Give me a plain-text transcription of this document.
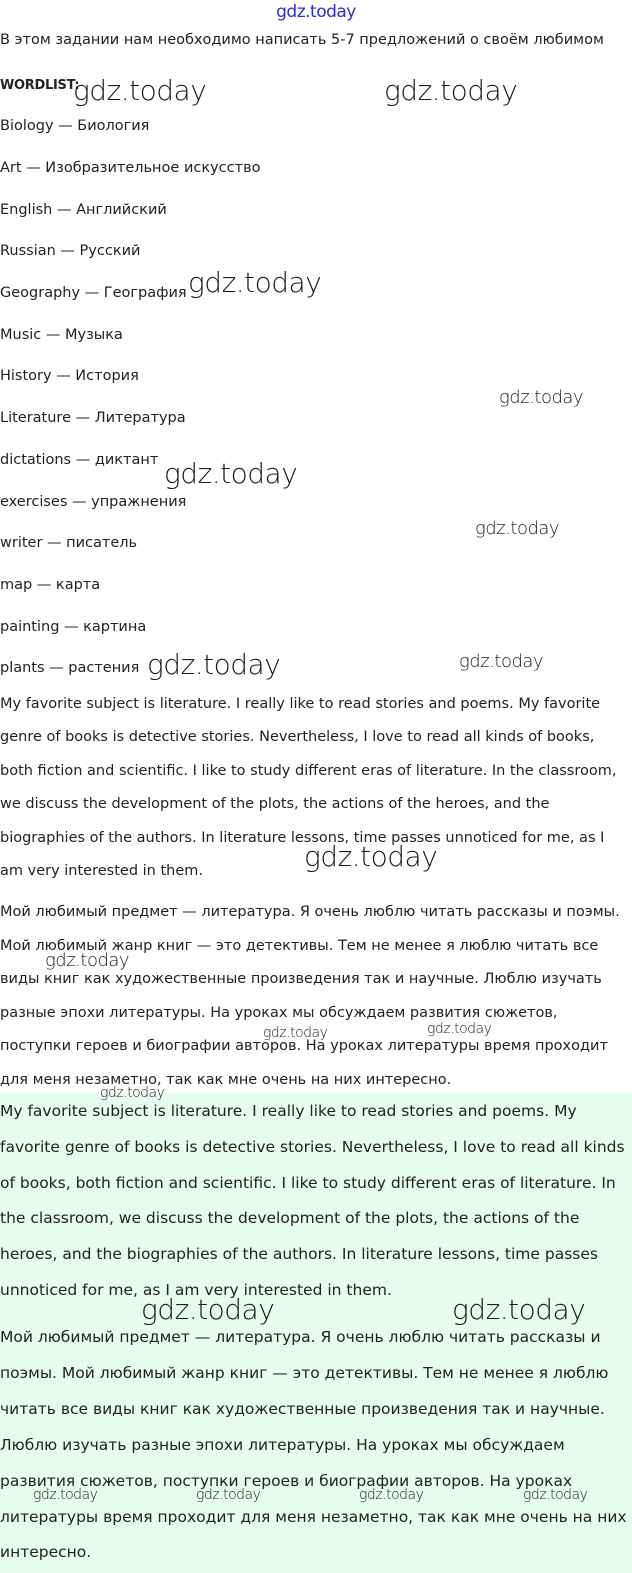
gdz.today
В этом задании нам необходимо написать 5-7 предложений о своём любимом
WORDLIST:
Biology — Биология
Art — Изобразительное искусство
English — Английский
Russian — Русский
Geography — География
Music — Музыка
History — История
Literature — Литература
dictations — диктант
exercises — упражнения
writer — писатель
map — карта
painting — картина
plants — растения
My favorite subject is literature. I really like to read stories and poems. My favorite genre of books is detective stories. Nevertheless, I love to read all kinds of books, both fiction and scientific. I like to study different eras of literature. In the classroom, we discuss the development of the plots, the actions of the heroes, and the biographies of the authors. In literature lessons, time passes unnoticed for me, as I am very interested in them.
Мой любимый предмет — литература. Я очень люблю читать рассказы и поэмы. Мой любимый жанр книг — это детективы. Тем не менее я люблю читать все виды книг как художественные произведения так и научные. Люблю изучать разные эпохи литературы. На уроках мы обсуждаем развития сюжетов, поступки героев и биографии авторов. На уроках литературы время проходит для меня незаметно, так как мне очень на них интересно.
My favorite subject is literature. I really like to read stories and poems. My favorite genre of books is detective stories. Nevertheless, I love to read all kinds of books, both fiction and scientific. I like to study different eras of literature. In the classroom, we discuss the development of the plots, the actions of the heroes, and the biographies of the authors. In literature lessons, time passes unnoticed for me, as I am very interested in them.
Мой любимый предмет — литература. Я очень люблю читать рассказы и поэмы. Мой любимый жанр книг — это детективы. Тем не менее я люблю читать все виды книг как художественные произведения так и научные. Люблю изучать разные эпохи литературы. На уроках мы обсуждаем развития сюжетов, поступки героев и биографии авторов. На уроках литературы время проходит для меня незаметно, так как мне очень на них интересно.
gdz.today	gdz.today
gdz.today
gdz.today
gdz.today
gdz.today
gdz.today	gdz.today
gdz.today
gdz.today
gdz.today	gdz.today
gdz.today
gdz.today	gdz.today
gdz.today	gdz.today	gdz.today	gdz.today
